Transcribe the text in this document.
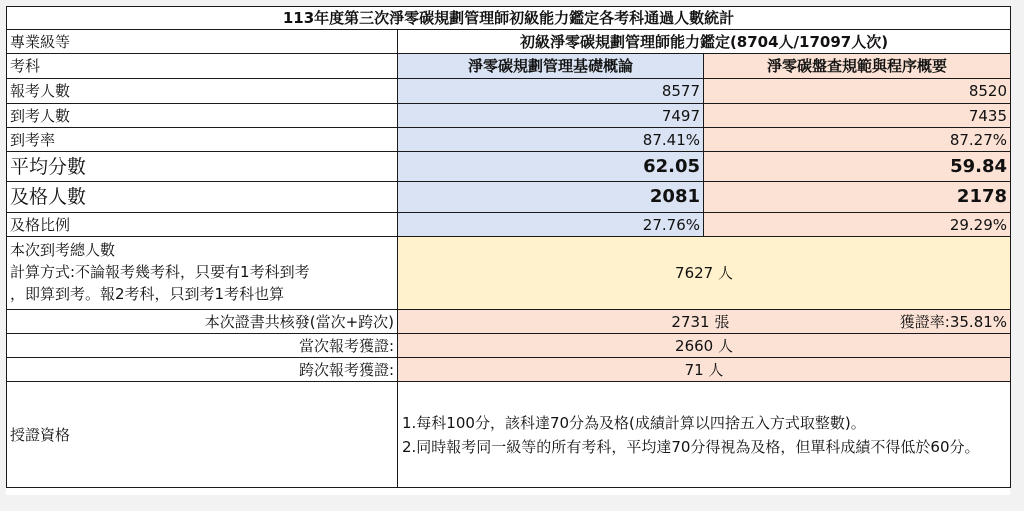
113年度第三次淨零碳規劃管理師初級能力鑑定各考科通過人數統計		
專業級等	初級淨零碳規劃管理師能力鑑定(8704人/17097人次)	
考科	淨零碳規劃管理基礎概論	淨零碳盤查規範與程序概要
報考人數	8577	8520
到考人數	7497	7435
到考率	87.41%	87.27%
平均分數	62.05	59.84
及格人數	2081	2178
及格比例	27.76%	29.29%

本次到考總人數
計算方式:不論報考幾考科，只要有1考科到考
，即算到考。報2考科，只到考1考科也算	7627 人	
本次證書共核發(當次+跨次)	2731 張 獲證率:35.81%	

當次報考獲證:	2660 人	
跨次報考獲證:	71 人	
授證資格	1.每科100分，該科達70分為及格(成績計算以四捨五入方式取整數)。
2.同時報考同一級等的所有考科，平均達70分得視為及格，但單科成績不得低於60分。	
